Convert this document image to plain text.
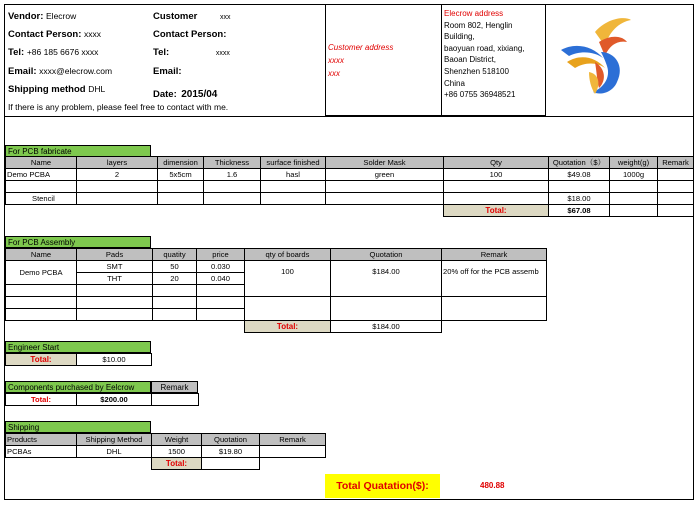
Vendor: Elecrow
Contact Person: xxxx
Tel: +86 185 6676 xxxx
Email: xxxx@elecrow.com
Shipping method DHL
If there is any problem, please feel free to contact with me.
Customer	xxx
Contact Person:
Tel:	xxxx
Email:
Date: 2015/04
Customer address
xxxx
xxx
Elecrow address
Room 802, Henglin
Building,
baoyuan road, xixiang,
Baoan District,
Shenzhen 518100
China
+86 0755 36948521
For PCB fabricate
Name	layers	dimension	Thickness	surface finished	Solder Mask	Qty	Quotation（$）	weight(g)	Remark
Demo PCBA	2	5x5cm	1.6	hasl	green	100	$49.08	1000g	

Stencil							$18.00		
						Total:	$67.08		
For PCB Assembly
Name	Pads	quatity	price	qty of boards	Quotation	Remark
Demo PCBA	SMT	50	0.030	100	$184.00	20% off for the PCB assemb
	THT	20	0.040			

				Total:	$184.00	
Engineer Start
Total:	$10.00
Components purchased by Eelcrow	Remark
Total:	$200.00	
Shipping
Products	Shipping Method	Weight	Quotation	Remark
PCBAs	DHL	1500	$19.80	
		Total:		
Total Quatation($):	480.88
